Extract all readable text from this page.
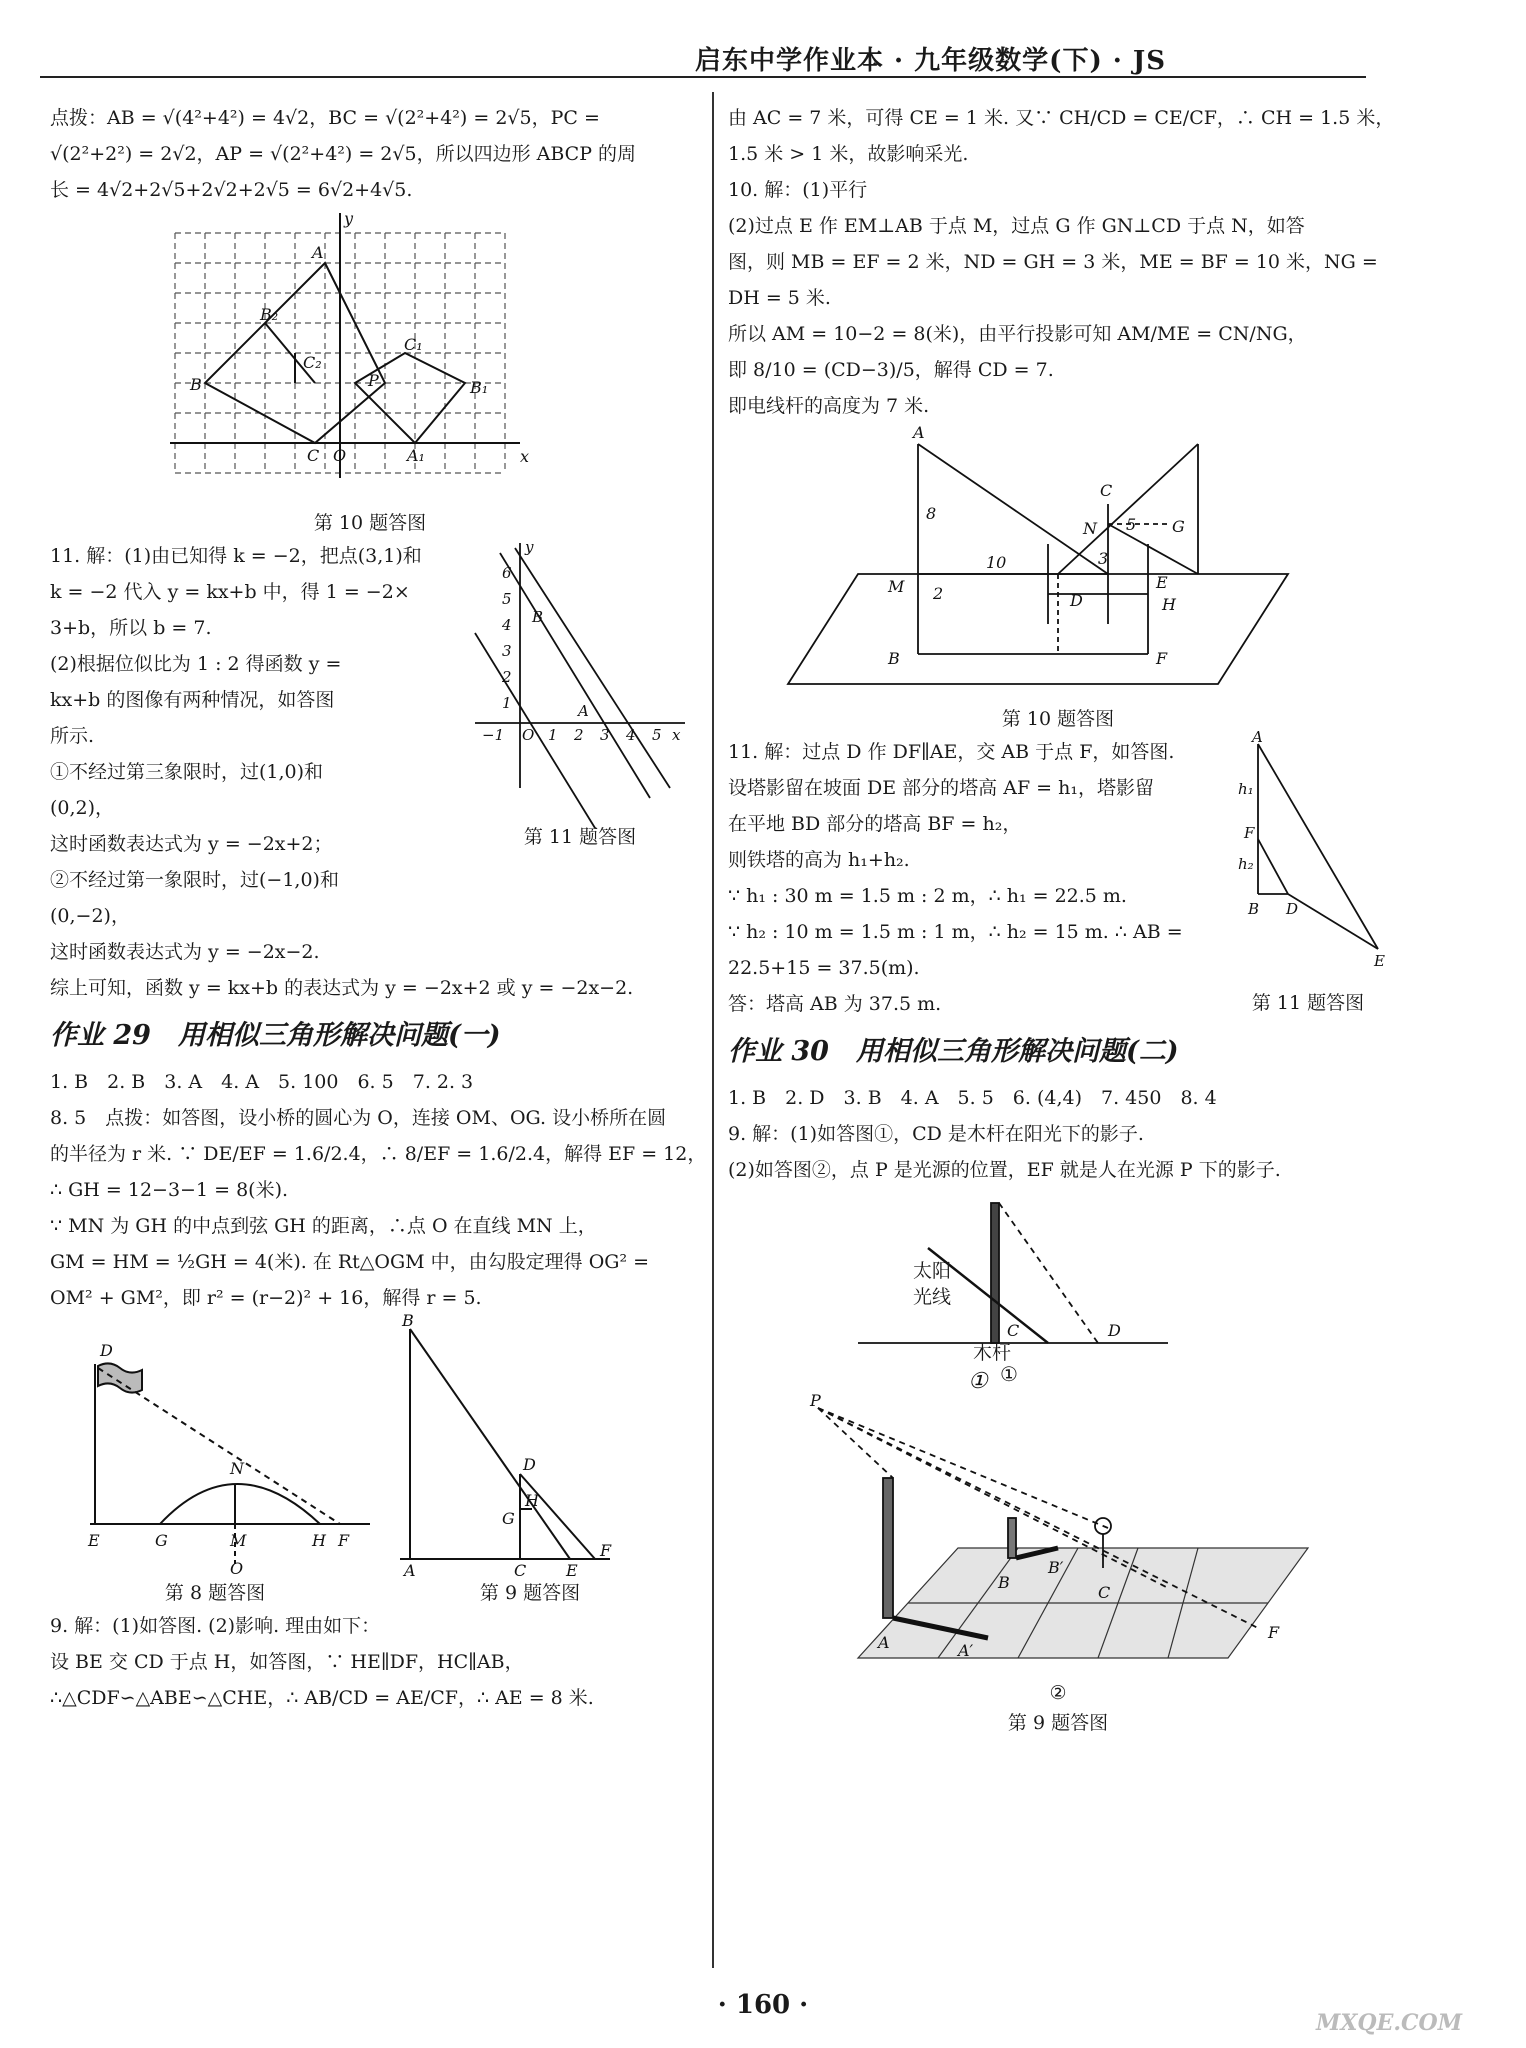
启东中学作业本 · 九年级数学(下) · JS
点拨：AB = √(4²+4²) = 4√2，BC = √(2²+4²) = 2√5，PC =
√(2²+2²) = 2√2，AP = √(2²+4²) = 2√5，所以四边形 ABCP 的周
长 = 4√2+2√5+2√2+2√5 = 6√2+4√5.
y
x
A
B₂
B
C₂
P
C₁
B₁
C O	A₁
第 10 题答图
11. 解：(1)由已知得 k = −2，把点(3,1)和
k = −2 代入 y = kx+b 中，得 1 = −2×
3+b，所以 b = 7.
(2)根据位似比为 1 : 2 得函数 y =
kx+b 的图像有两种情况，如答图
所示.
①不经过第三象限时，过(1,0)和
(0,2)，
这时函数表达式为 y = −2x+2；
y
6
5
4
3
2
1
B
−1 O 1 2 3 4 5 x
A
第 11 题答图
②不经过第一象限时，过(−1,0)和
(0,−2)，
这时函数表达式为 y = −2x−2.
综上可知，函数 y = kx+b 的表达式为 y = −2x+2 或 y = −2x−2.
作业 29　用相似三角形解决问题(一)
1. B　2. B　3. A　4. A　5. 100　6. 5　7. 2. 3
8. 5　点拨：如答图，设小桥的圆心为 O，连接 OM、OG. 设小桥所在圆
的半径为 r 米. ∵ DE/EF = 1.6/2.4，∴ 8/EF = 1.6/2.4，解得 EF = 12，
∴ GH = 12−3−1 = 8(米).
∵ MN 为 GH 的中点到弦 GH 的距离，∴点 O 在直线 MN 上，
GM = HM = ½GH = 4(米). 在 Rt△OGM 中，由勾股定理得 OG² =
OM² + GM²，即 r² = (r−2)² + 16，解得 r = 5.
D
E	G
N
M	H F
O
第 8 题答图
B
D
H
G
A	C E
F
第 9 题答图
9. 解：(1)如答图. (2)影响. 理由如下：
设 BE 交 CD 于点 H，如答图，∵ HE∥DF，HC∥AB，
∴△CDF∽△ABE∽△CHE，∴ AB/CD = AE/CF，∴ AE = 8 米.
由 AC = 7 米，可得 CE = 1 米. 又∵ CH/CD = CE/CF，∴ CH = 1.5 米，
1.5 米 > 1 米，故影响采光.
10. 解：(1)平行
(2)过点 E 作 EM⊥AB 于点 M，过点 G 作 GN⊥CD 于点 N，如答
图，则 MB = EF = 2 米，ND = GH = 3 米，ME = BF = 10 米，NG =
DH = 5 米.
所以 AM = 10−2 = 8(米)，由平行投影可知 AM/ME = CN/NG，
即 8/10 = (CD−3)/5，解得 CD = 7.
即电线杆的高度为 7 米.
A
8
C
N 5 G
3
M 2
10
D
E
H
F
B
第 10 题答图
11. 解：过点 D 作 DF∥AE，交 AB 于点 F，如答图.
设塔影留在坡面 DE 部分的塔高 AF = h₁，塔影留
在平地 BD 部分的塔高 BF = h₂，
则铁塔的高为 h₁+h₂.
∵ h₁ : 30 m = 1.5 m : 2 m，∴ h₁ = 22.5 m.
∵ h₂ : 10 m = 1.5 m : 1 m，∴ h₂ = 15 m. ∴ AB =
22.5+15 = 37.5(m).
答：塔高 AB 为 37.5 m.
A
h₁
F
h₂
B D
E
第 11 题答图
作业 30　用相似三角形解决问题(二)
1. B　2. D　3. B　4. A　5. 5　6. (4,4)　7. 450　8. 4
9. 解：(1)如答图①，CD 是木杆在阳光下的影子.
(2)如答图②，点 P 是光源的位置，EF 就是人在光源 P 下的影子.
C	D
①
太阳光线
木杆
①
P
B
B′
C
A	A′
F
②
第 9 题答图
· 160 ·
MXQE.COM
